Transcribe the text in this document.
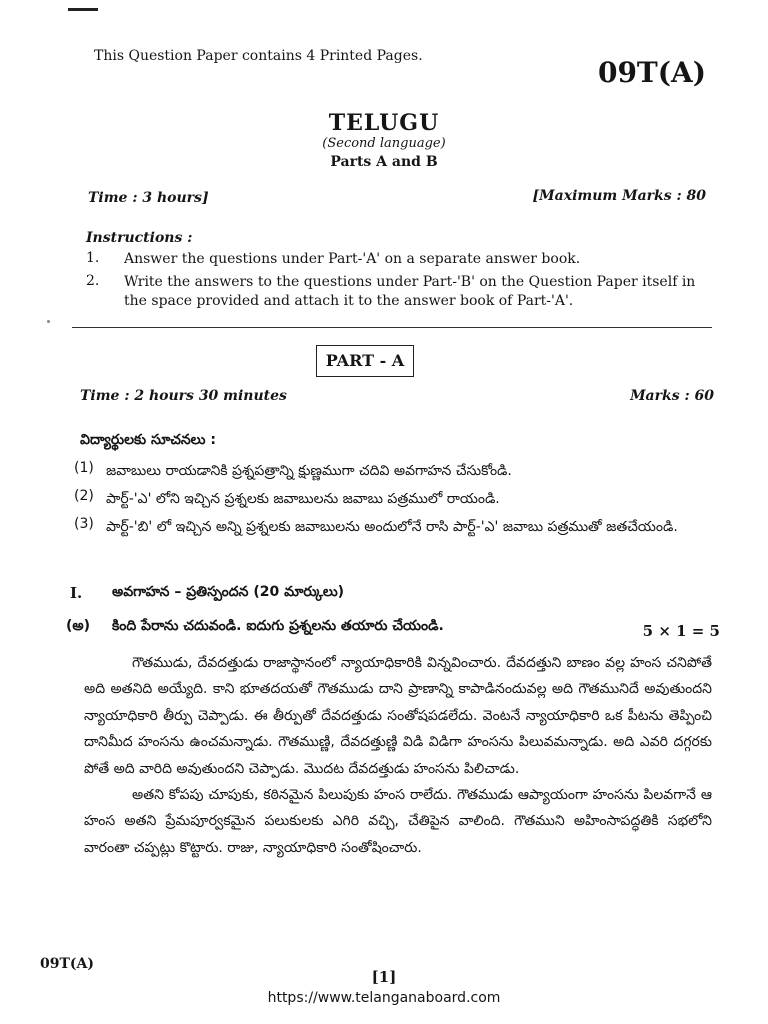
This Question Paper contains 4 Printed Pages.	09T(A)
TELUGU
(Second language)
Parts A and B
Time : 3 hours]	[Maximum Marks : 80
Instructions :
1. Answer the questions under Part-'A' on a separate answer book.
2. Write the answers to the questions under Part-'B' on the Question Paper itself in the space provided and attach it to the answer book of Part-'A'.
PART - A
Time : 2 hours 30 minutes	Marks : 60
విద్యార్థులకు సూచనలు :
(1) జవాబులు రాయడానికి ప్రశ్నపత్రాన్ని క్షుణ్ణముగా చదివి అవగాహన చేసుకోండి.
(2) పార్ట్-'ఎ' లోని ఇచ్చిన ప్రశ్నలకు జవాబులను జవాబు పత్రములో రాయండి.
(3) పార్ట్-'బి' లో ఇచ్చిన అన్ని ప్రశ్నలకు జవాబులను అందులోనే రాసి పార్ట్-'ఎ' జవాబు పత్రముతో జతచేయండి.
I. అవగాహన – ప్రతిస్పందన (20 మార్కులు)
(అ) కింది పేరాను చదువండి. ఐదుగు ప్రశ్నలను తయారు చేయండి.	5 × 1 = 5

గౌతముడు, దేవదత్తుడు రాజాస్థానంలో న్యాయాధికారికి విన్నవించారు. దేవదత్తుని బాణం వల్ల హంస చనిపోతే అది అతనిది అయ్యేది. కాని భూతదయతో గౌతముడు దాని ప్రాణాన్ని కాపాడినందువల్ల అది గౌతమునిదే అవుతుందని న్యాయాధికారి తీర్పు చెప్పాడు. ఈ తీర్పుతో దేవదత్తుడు సంతోషపడలేదు. వెంటనే న్యాయాధికారి ఒక పీటను తెప్పించి దానిమీద హంసను ఉంచమన్నాడు. గౌతముణ్ణి, దేవదత్తుణ్ణి విడి విడిగా హంసను పిలువమన్నాడు. అది ఎవరి దగ్గరకు పోతే అది వారిది అవుతుందని చెప్పాడు. మొదట దేవదత్తుడు హంసను పిలిచాడు.

అతని కోపపు చూపుకు, కఠినమైన పిలుపుకు హంస రాలేదు. గౌతముడు ఆప్యాయంగా హంసను పిలవగానే ఆ హంస అతని ప్రేమపూర్వకమైన పలుకులకు ఎగిరి వచ్చి, చేతిపైన వాలింది. గౌతముని అహింసాపద్ధతికి సభలోని వారంతా చప్పట్లు కొట్టారు. రాజు, న్యాయాధికారి సంతోషించారు.

09T(A)
[1]
https://www.telanganaboard.com
